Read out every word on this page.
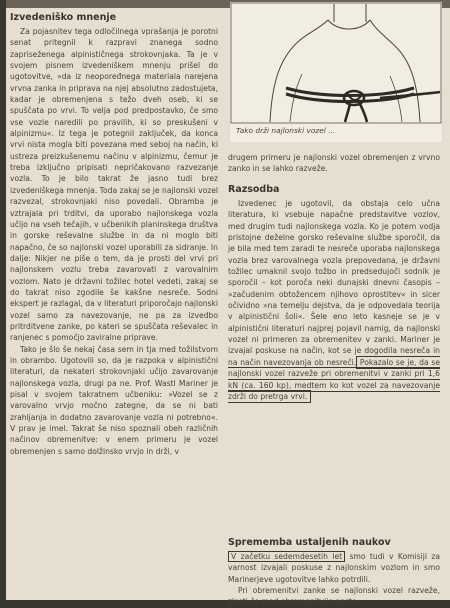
Izvedeniško mnenje

Za pojasnitev tega odločilnega vprašanja je porotni senat pritegnil k razpravi znanega sodno zapriseženega alpinističnega strokovnjaka. Ta je v svojem pisnem izvedeniškem mnenju prišel do ugotovitve, »da iz neopoređnega materiala narejena vrvna zanka in priprava na njej absolutno zadostujeta, kadar je obremenjena s težo dveh oseb, ki se spuščata po vrvi. To velja pod predpostavko, če smo vse vozle naredili po pravilih, ki so preskušeni v alpinizmu«. Iz tega je potegnil zaključek, da konca vrvi nista mogla biti povezana med seboj na način, ki ustreza preizkušenemu načinu v alpinizmu, čemur je treba izključno pripisati nepričakovano razvezanje vozla. To je bilo takrat že jasno tudi brez izvedeniškega mnenja. Toda zakaj se je najlonski vozel razvezal, strokovnjaki niso povedali. Obramba je vztrajala pri trditvi, da uporabo najlonskega vozla učijo na vseh tečajih, v učbenikih planinskega društva in gorske reševalne službe in da ni moglo biti napačno, če so najlonski vozel uporabili za sidranje. In dalje: Nikjer ne piše o tem, da je prosti del vrvi pri najlonskem vozlu treba zavarovati z varovalnim vozlom. Nato je državni tožilec hotel vedeti, zakaj se do takrat niso zgodile še kakšne nesreče. Sodni ekspert je razlagal, da v literaturi priporočajo najlonski vozel samo za navezovanje, ne pa za izvedbo pritrditvene zanke, po kateri se spuščata reševalec in ranjenec s pomočjo zaviralne priprave.

Tako je šlo še nekaj časa sem in tja med tožilstvom in obrambo. Ugotovili so, da je razpoka v alpinistični literaturi, da nekateri strokovnjaki učijo zavarovanje najlonskega vozla, drugi pa ne. Prof. Wastl Mariner je pisal v svojem takratnem učbeniku: »Vozel se z varovalno vrvjo močno zategne, da se ni bati zrahljanja in dodatno zavarovanje vozla ni potrebno«. V prav je imel. Takrat še niso spoznali obeh različnih načinov obremenitve: v enem primeru je vozel obremenjen s samo dolžinsko vrvjo in drži, v

Tako drži najlonski vozel ...

drugem primeru je najlonski vozel obremenjen z vrvno zanko in se lahko razveže.

Razsodba

Izvedenec je ugotovil, da obstaja celo učna literatura, ki vsebuje napačne predstavitve vozlov, med drugim tudi najlonskega vozla. Ko je potem vodja pristojne deželne gorsko reševalne službe sporočil, da je bila med tem zaradi te nesreče uporaba najlonskega vozla brez varovalnega vozla prepovedana, je državni tožilec umaknil svojo tožbo in predsedujoči sodnik je sporočil – kot poroča neki dunajski dnevni časopis – »začudenim obtožencem njihovo oprostitev« in sicer očividno »na temelju dejstva, da je odpovedala teorija v alpinistični šoli«. Šele eno leto kasneje se je v alpinistični literaturi najprej pojavil namig, da najlonski vozel ni primeren za obremenitev v zanki. Mariner je izvajal poskuse na način, kot se je dogodila nesreča in na način navezovanja ob nesreči. Pokazalo se je, da se najlonski vozel razveže pri obremenitvi v zanki pri 1,6 kN (ca. 160 kp), medtem ko kot vozel za navezovanje zdrži do pretrga vrvi.

Sprememba ustaljenih naukov

V začetku sedemdesetih let smo tudi v Komisiji za varnost izvajali poskuse z najlonskim vozlom in smo Marinerjeve ugotovitve lahko potrdili.

Pri obremenitvi zanke se najlonski vozel razveže, zlasti če med obremenitvijo nasto-
